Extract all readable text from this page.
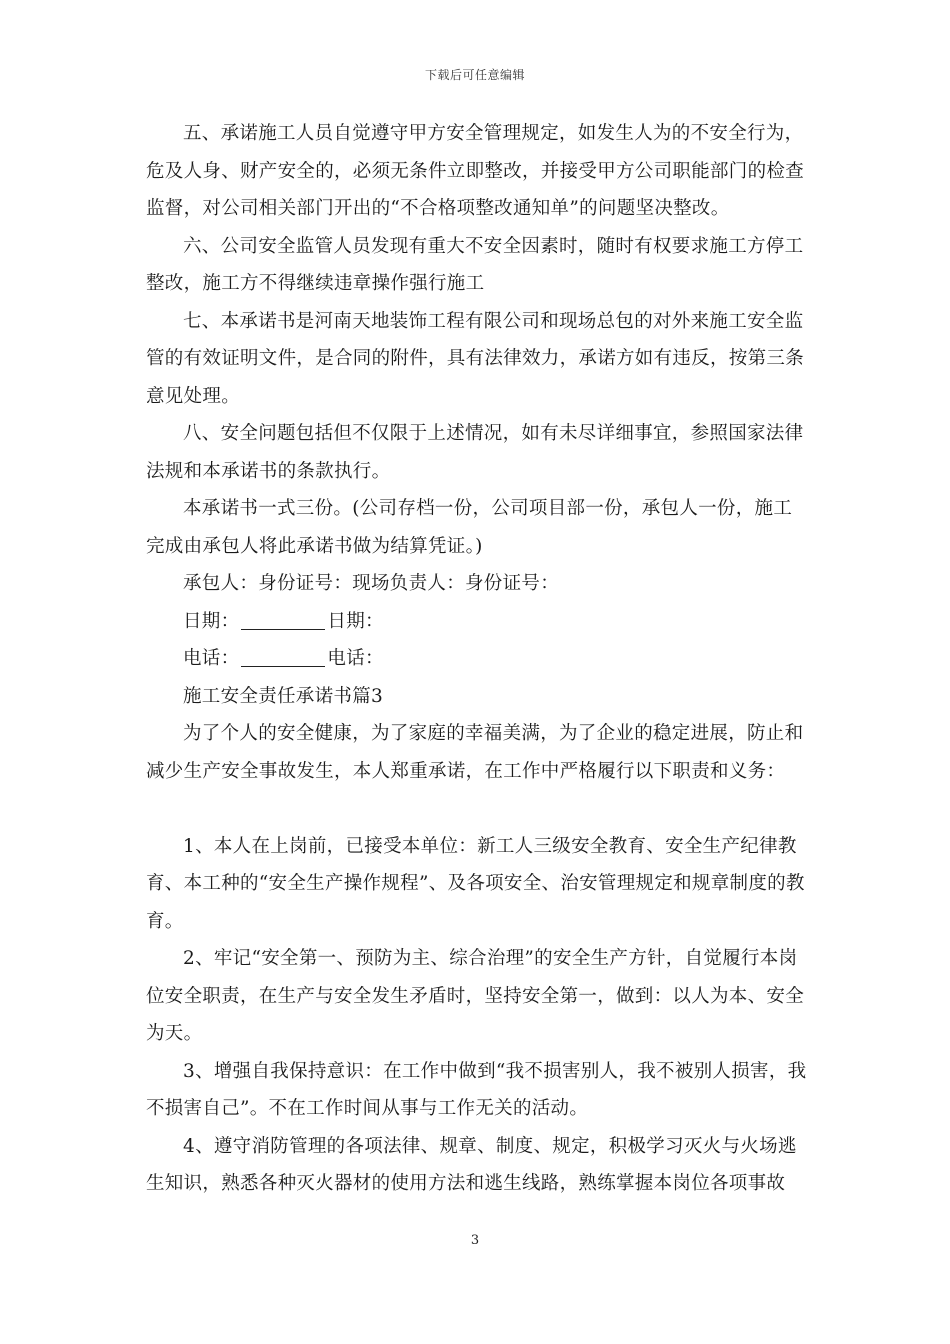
下载后可任意编辑

五、承诺施工人员自觉遵守甲方安全管理规定，如发生人为的不安全行为，危及人身、财产安全的，必须无条件立即整改，并接受甲方公司职能部门的检查监督，对公司相关部门开出的“不合格项整改通知单”的问题坚决整改。

六、公司安全监管人员发现有重大不安全因素时，随时有权要求施工方停工整改，施工方不得继续违章操作强行施工

七、本承诺书是河南天地装饰工程有限公司和现场总包的对外来施工安全监管的有效证明文件，是合同的附件，具有法律效力，承诺方如有违反，按第三条意见处理。

八、安全问题包括但不仅限于上述情况，如有未尽详细事宜，参照国家法律法规和本承诺书的条款执行。

本承诺书一式三份。(公司存档一份，公司项目部一份，承包人一份，施工完成由承包人将此承诺书做为结算凭证。)

承包人：身份证号：现场负责人：身份证号：

日期：	日期：

电话：	电话：

施工安全责任承诺书篇3

为了个人的安全健康，为了家庭的幸福美满，为了企业的稳定进展，防止和减少生产安全事故发生，本人郑重承诺，在工作中严格履行以下职责和义务：

1、本人在上岗前，已接受本单位：新工人三级安全教育、安全生产纪律教育、本工种的“安全生产操作规程”、及各项安全、治安管理规定和规章制度的教育。

2、牢记“安全第一、预防为主、综合治理”的安全生产方针，自觉履行本岗位安全职责，在生产与安全发生矛盾时，坚持安全第一，做到：以人为本、安全为天。

3、增强自我保持意识：在工作中做到“我不损害别人，我不被别人损害，我不损害自己”。不在工作时间从事与工作无关的活动。

4、遵守消防管理的各项法律、规章、制度、规定，积极学习灭火与火场逃生知识，熟悉各种灭火器材的使用方法和逃生线路，熟练掌握本岗位各项事故

3
